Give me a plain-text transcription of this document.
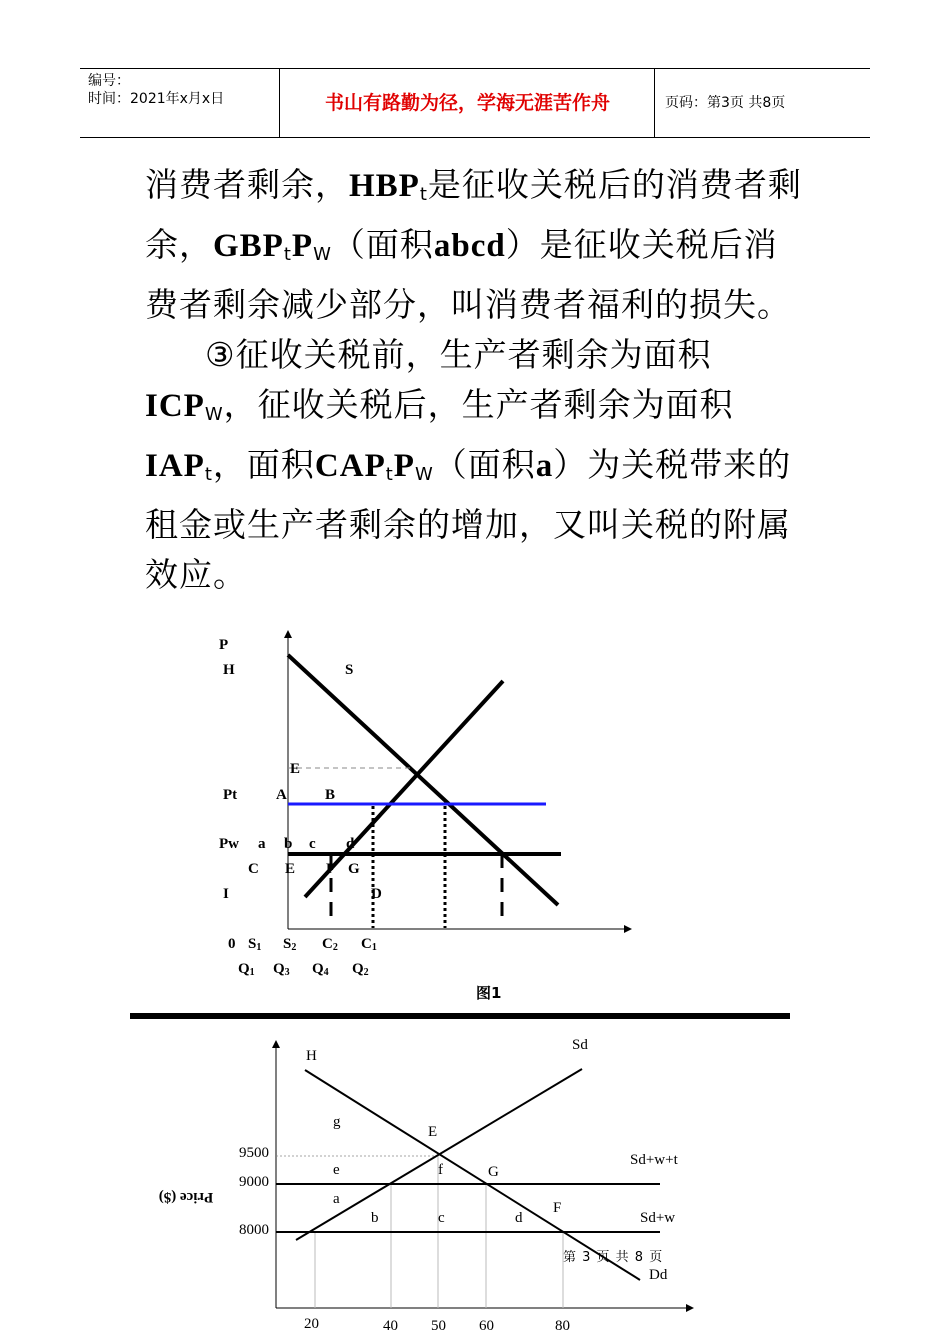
编号：
时间：2021年x月x日	书山有路勤为径，学海无涯苦作舟	页码：第3页 共8页

消费者剩余，$HBP_t$是征收关税后的消费者剩余，$GBP_tP_W$（面积abcd）是征收关税后消费者剩余减少部分，叫消费者福利的损失。

③征收关税前，生产者剩余为面积$ICP_W$，征收关税后，生产者剩余为面积$IAP_t$，面积$CAP_tP_W$（面积a）为关税带来的租金或生产者剩余的增加，又叫关税的附属效应。

P
H	S
E
Pt	A	B
Pw a b c d
C E F G
I	D
0 S1 S2 C2 C1
Q1 Q3 Q4 Q2
图1
Price ($)
9500
9000
8000
20	40 50 60	80
H
Sd
g
E
e	f	G
a
b	c	d
F
Sd+w+t
Sd+w
Dd
第 3 页 共 8 页
